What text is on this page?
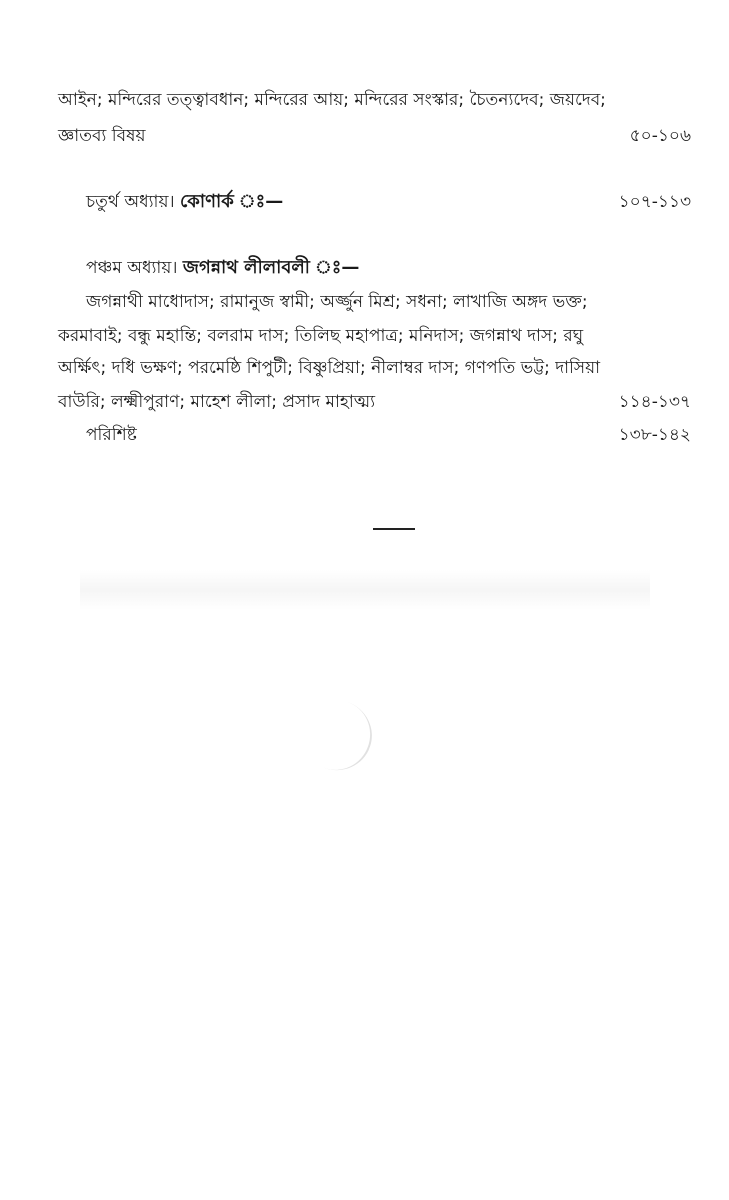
আইন; মন্দিরের তত্ত্বাবধান; মন্দিরের আয়; মন্দিরের সংস্কার; চৈতন্যদেব; জয়দেব;
জ্ঞাতব্য বিষয়	৫০-১০৬
চতুর্থ অধ্যায়। কোণার্ক ঃ—	১০৭-১১৩
পঞ্চম অধ্যায়। জগন্নাথ লীলাবলী ঃ—
জগন্নাথী মাধোদাস; রামানুজ স্বামী; অর্জ্জুন মিশ্র; সধনা; লাখাজি অঙ্গদ ভক্ত;
করমাবাই; বন্ধু মহান্তি; বলরাম দাস; তিলিছ মহাপাত্র; মনিদাস; জগন্নাথ দাস; রঘু
অর্ক্ষিৎ; দধি ভক্ষণ; পরমেষ্ঠি শিপুটী; বিষ্ণুপ্রিয়া; নীলাম্বর দাস; গণপতি ভট্ট; দাসিয়া
বাউরি; লক্ষ্মীপুরাণ; মাহেশ লীলা; প্রসাদ মাহাত্ম্য	১১৪-১৩৭
পরিশিষ্ট	১৩৮-১৪২
